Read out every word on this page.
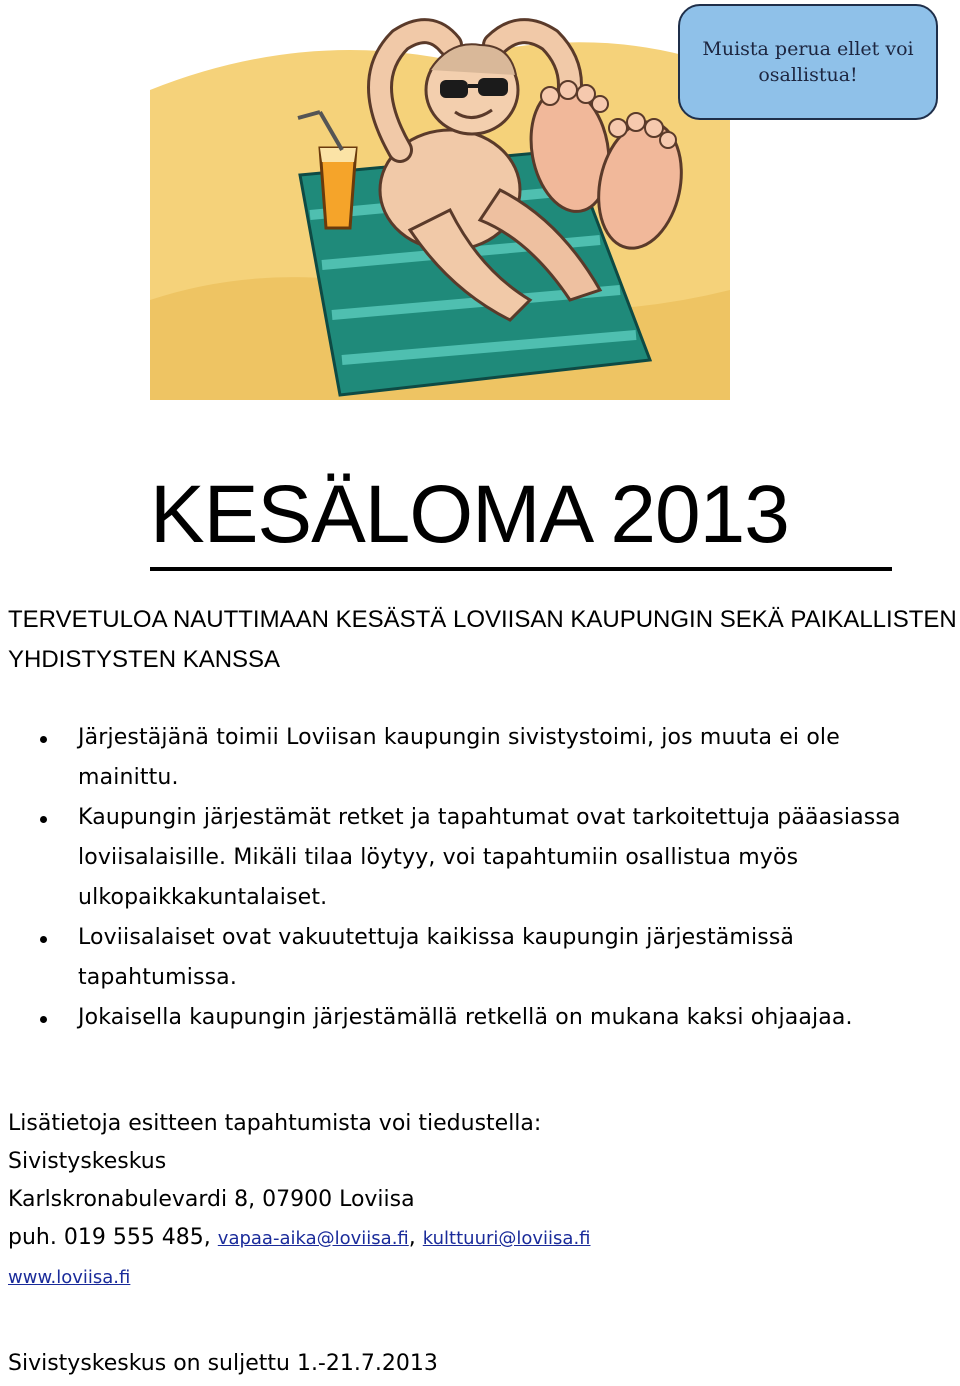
Muista perua ellet voi osallistua!
KESÄLOMA 2013

TERVETULOA NAUTTIMAAN KESÄSTÄ LOVIISAN KAUPUNGIN SEKÄ PAIKALLISTEN YHDISTYSTEN KANSSA

Järjestäjänä toimii Loviisan kaupungin sivistystoimi, jos muuta ei ole mainittu.
Kaupungin järjestämät retket ja tapahtumat ovat tarkoitettuja pääasiassa loviisalaisille. Mikäli tilaa löytyy, voi tapahtumiin osallistua myös ulkopaikkakuntalaiset.
Loviisalaiset ovat vakuutettuja kaikissa kaupungin järjestämissä tapahtumissa.
Jokaisella kaupungin järjestämällä retkellä on mukana kaksi ohjaajaa.
Lisätietoja esitteen tapahtumista voi tiedustella:
Sivistyskeskus
Karlskronabulevardi 8, 07900 Loviisa
puh. 019 555 485, vapaa-aika@loviisa.fi, kulttuuri@loviisa.fi
www.loviisa.fi
Sivistyskeskus on suljettu 1.-21.7.2013
